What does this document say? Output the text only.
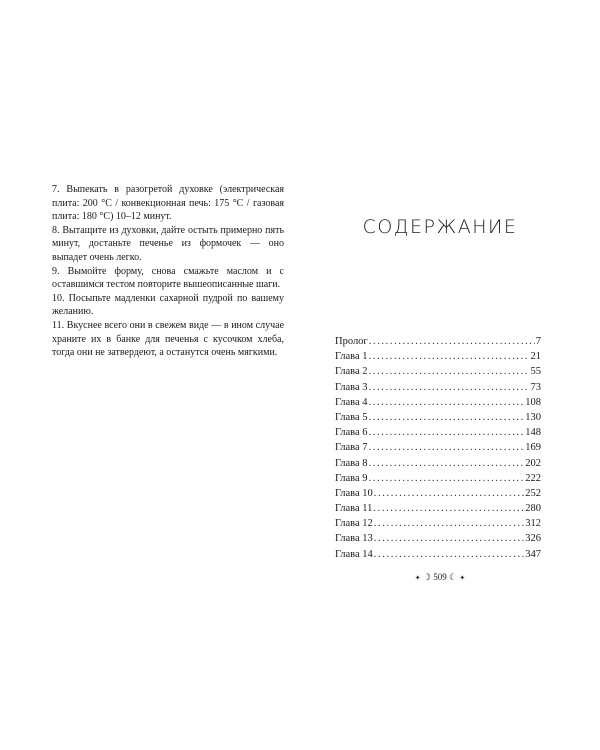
7. Выпекать в разогретой духовке (электрическая плита: 200 °C / конвекционная печь: 175 °C / газовая плита: 180 °C) 10–12 минут.

8. Вытащите из духовки, дайте остыть примерно пять минут, достаньте печенье из формочек — оно выпадет очень легко.

9. Вымойте форму, снова смажьте маслом и с оставшимся тестом повторите вышеописанные шаги.

10. Посыпьте мадленки сахарной пудрой по вашему желанию.

11. Вкуснее всего они в свежем виде — в ином случае храните их в банке для печенья с кусочком хлеба, тогда они не затвердеют, а останутся очень мягкими.

СОДЕРЖАНИЕ
Пролог .....	7
Глава 1 .....	21
Глава 2 .....	55
Глава 3 .....	73
Глава 4 .....	108
Глава 5 .....	130
Глава 6 .....	148
Глава 7 .....	169
Глава 8 .....	202
Глава 9 .....	222
Глава 10 .....	252
Глава 11 .....	280
Глава 12 .....	312
Глава 13 .....	326
Глава 14 .....	347
✦ ☽ 509 ☾ ✦
